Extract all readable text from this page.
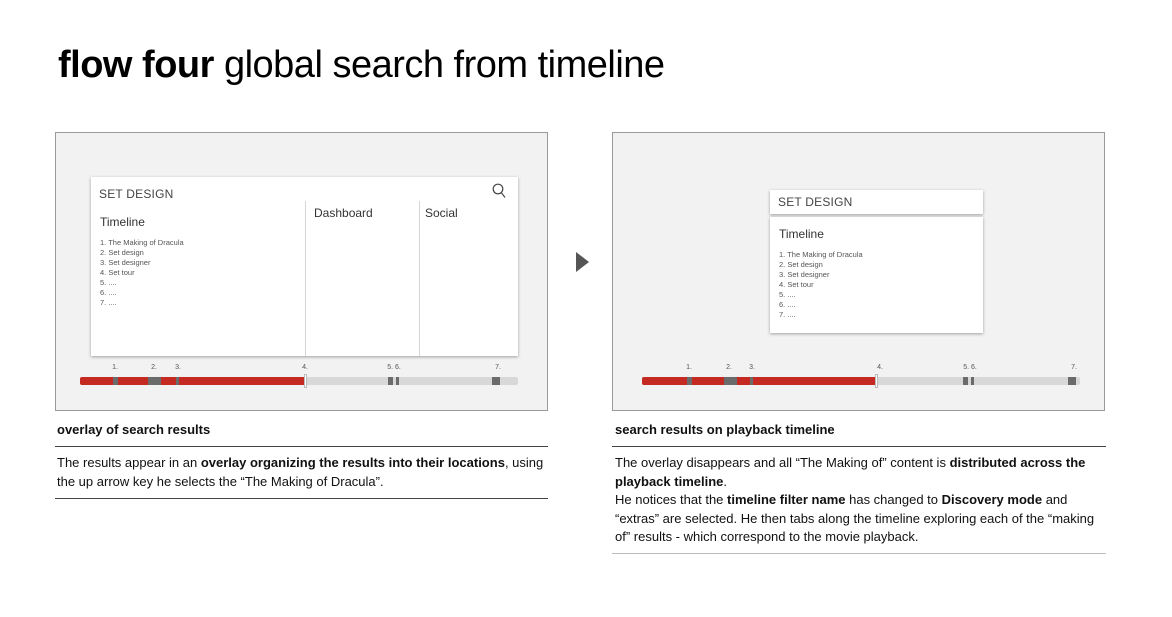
flow four global search from timeline
SET DESIGN
Timeline
Dashboard	Social
1. The Making of Dracula
2. Set design
3. Set designer
4. Set tour
5. ....
6. ....
7. ....
1.	2.	3.	4.	5. 6.	7.
SET DESIGN
Timeline
1. The Making of Dracula
2. Set design
3. Set designer
4. Set tour
5. ....
6. ....
7. ....
1.	2. 3.	4.	5. 6.	7.
overlay of search results
The results appear in an overlay organizing the results into their locations, using the up arrow key he selects the “The Making of Dracula”.
search results on playback timeline
The overlay disappears and all “The Making of” content is distributed across the playback timeline.
He notices that the timeline filter name has changed to Discovery mode and “extras” are selected. He then tabs along the timeline exploring each of the “making of” results - which correspond to the movie playback.
